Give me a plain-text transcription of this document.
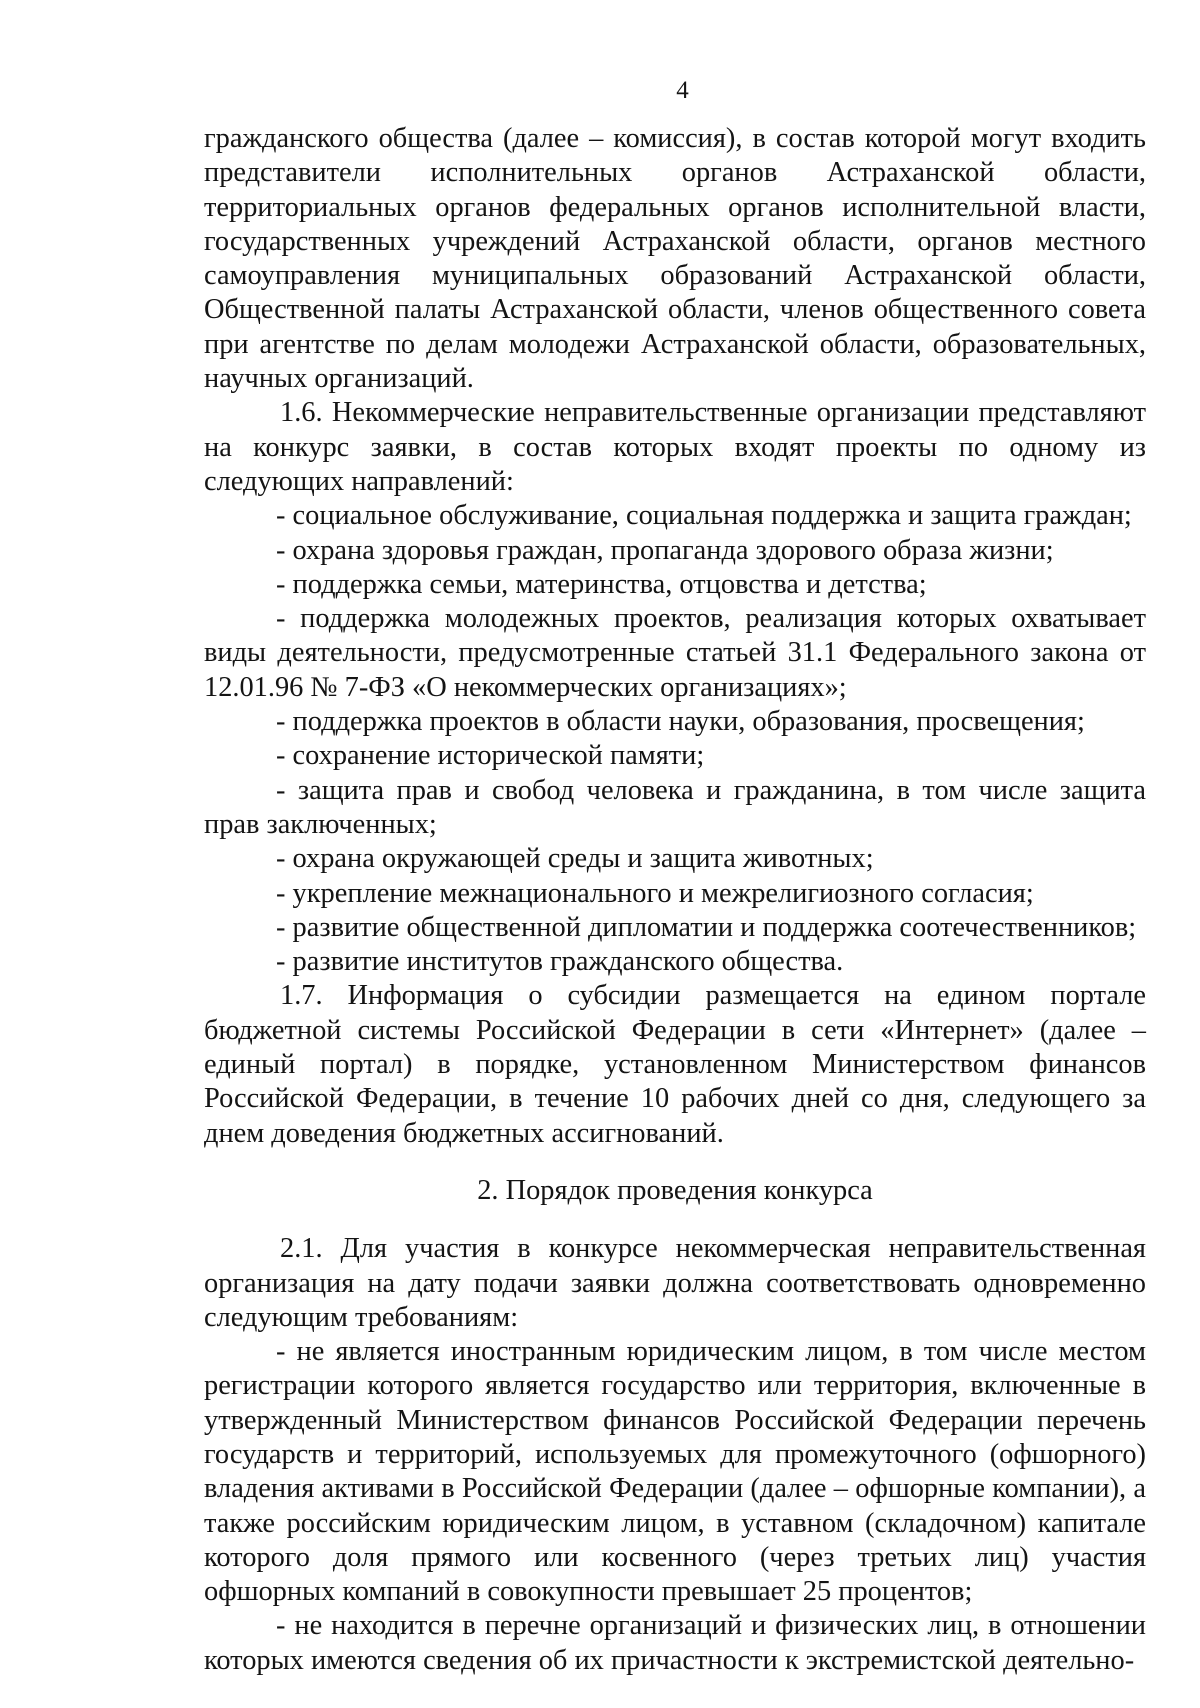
4

гражданского общества (далее – комиссия), в состав которой могут входить представители исполнительных органов Астраханской области, территориальных органов федеральных органов исполнительной власти, государственных учреждений Астраханской области, органов местного самоуправления муниципальных образований Астраханской области, Общественной палаты Астраханской области, членов общественного совета при агентстве по делам молодежи Астраханской области, образовательных, научных организаций.

1.6. Некоммерческие неправительственные организации представляют на конкурс заявки, в состав которых входят проекты по одному из следующих направлений:

- социальное обслуживание, социальная поддержка и защита граждан;

- охрана здоровья граждан, пропаганда здорового образа жизни;

- поддержка семьи, материнства, отцовства и детства;

- поддержка молодежных проектов, реализация которых охватывает виды деятельности, предусмотренные статьей 31.1 Федерального закона от 12.01.96 № 7-ФЗ «О некоммерческих организациях»;

- поддержка проектов в области науки, образования, просвещения;

- сохранение исторической памяти;

- защита прав и свобод человека и гражданина, в том числе защита прав заключенных;

- охрана окружающей среды и защита животных;

- укрепление межнационального и межрелигиозного согласия;

- развитие общественной дипломатии и поддержка соотечественников;

- развитие институтов гражданского общества.

1.7. Информация о субсидии размещается на едином портале бюджетной системы Российской Федерации в сети «Интернет» (далее – единый портал) в порядке, установленном Министерством финансов Российской Федерации, в течение 10 рабочих дней со дня, следующего за днем доведения бюджетных ассигнований.

2. Порядок проведения конкурса

2.1. Для участия в конкурсе некоммерческая неправительственная организация на дату подачи заявки должна соответствовать одновременно следующим требованиям:

- не является иностранным юридическим лицом, в том числе местом регистрации которого является государство или территория, включенные в утвержденный Министерством финансов Российской Федерации перечень государств и территорий, используемых для промежуточного (офшорного) владения активами в Российской Федерации (далее – офшорные компании), а также российским юридическим лицом, в уставном (складочном) капитале которого доля прямого или косвенного (через третьих лиц) участия офшорных компаний в совокупности превышает 25 процентов;

- не находится в перечне организаций и физических лиц, в отношении которых имеются сведения об их причастности к экстремистской деятельно-
